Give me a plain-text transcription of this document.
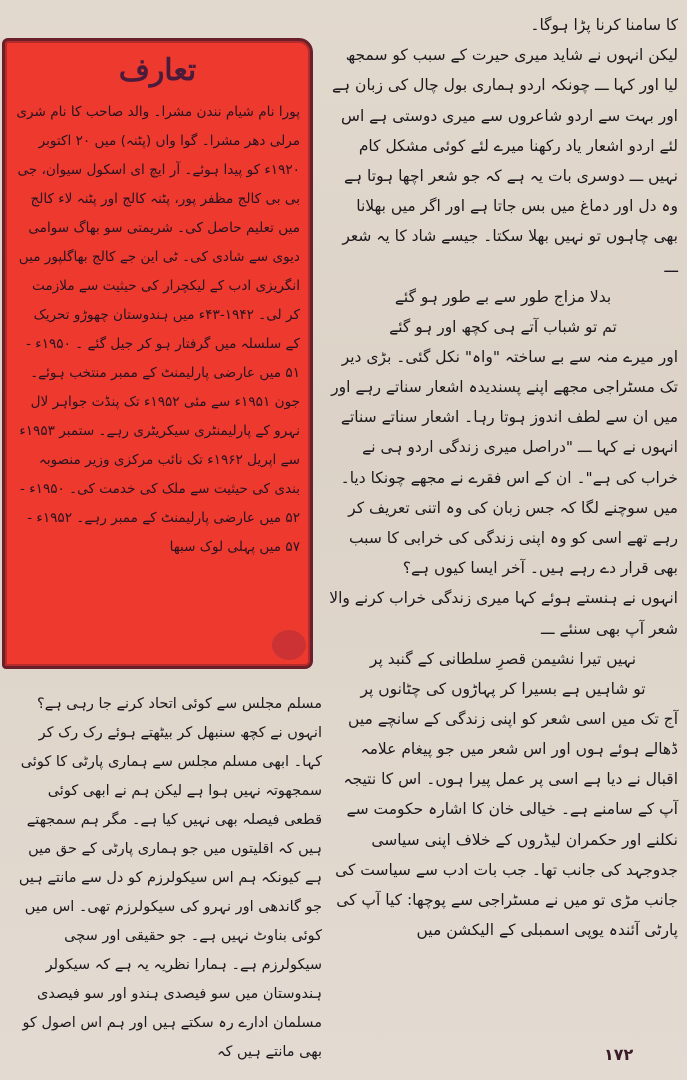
تعارف

پورا نام شیام نندن مشرا۔ والد صاحب کا نام شری مرلی دھر مشرا۔ گوا واں (پٹنہ) میں ۲۰ اکتوبر ۱۹۲۰ء کو پیدا ہوئے۔ آر ایچ ای اسکول سیوان، جی بی بی کالج مظفر پور، پٹنہ کالج اور پٹنہ لاء کالج میں تعلیم حاصل کی۔ شریمتی سو بھاگ سوامی دیوی سے شادی کی۔ ٹی این جے کالج بھاگلپور میں انگریزی ادب کے لیکچرار کی حیثیت سے ملازمت کر لی۔ ۱۹۴۲-۴۳ء میں ہندوستان چھوڑو تحریک کے سلسلہ میں گرفتار ہو کر جیل گئے ۔ ۱۹۵۰ء - ۵۱ میں عارضی پارلیمنٹ کے ممبر منتخب ہوئے۔ جون ۱۹۵۱ء سے مئی ۱۹۵۲ء تک پنڈت جواہر لال نہرو کے پارلیمنٹری سیکریٹری رہے۔ ستمبر ۱۹۵۳ء سے اپریل ۱۹۶۲ء تک نائب مرکزی وزیر منصوبہ بندی کی حیثیت سے ملک کی خدمت کی۔ ۱۹۵۰ء - ۵۲ میں عارضی پارلیمنٹ کے ممبر رہے۔ ۱۹۵۲ء - ۵۷ میں پہلی لوک سبھا

کا سامنا کرنا پڑا ہوگا۔

لیکن انہوں نے شاید میری حیرت کے سبب کو سمجھ لیا اور کہا ـــ چونکہ اردو ہماری بول چال کی زبان ہے اور بہت سے اردو شاعروں سے میری دوستی ہے اس لئے اردو اشعار یاد رکھنا میرے لئے کوئی مشکل کام نہیں ـــ دوسری بات یہ ہے کہ جو شعر اچھا ہوتا ہے وہ دل اور دماغ میں بس جاتا ہے اور اگر میں بھلانا بھی چاہوں تو نہیں بھلا سکتا۔ جیسے شاد کا یہ شعر ـــ

بدلا مزاج طور سے بے طور ہو گئے

تم تو شباب آتے ہی کچھ اور ہو گئے

اور میرے منہ سے بے ساختہ "واہ" نکل گئی۔ بڑی دیر تک مسٹراجی مجھے اپنے پسندیدہ اشعار سناتے رہے اور میں ان سے لطف اندوز ہوتا رہا۔ اشعار سناتے سناتے انہوں نے کہا ـــ "دراصل میری زندگی اردو ہی نے خراب کی ہے"۔ ان کے اس فقرے نے مجھے چونکا دیا۔ میں سوچنے لگا کہ جس زبان کی وہ اتنی تعریف کر رہے تھے اسی کو وہ اپنی زندگی کی خرابی کا سبب بھی قرار دے رہے ہیں۔ آخر ایسا کیوں ہے؟

انہوں نے ہنستے ہوئے کہا میری زندگی خراب کرنے والا شعر آپ بھی سنئے ـــ

نہیں تیرا نشیمن قصرِ سلطانی کے گنبد پر

تو شاہیں ہے بسیرا کر پہاڑوں کی چٹانوں پر

آج تک میں اسی شعر کو اپنی زندگی کے سانچے میں ڈھالے ہوئے ہوں اور اس شعر میں جو پیغام علامہ اقبال نے دیا ہے اسی پر عمل پیرا ہوں۔ اس کا نتیجہ آپ کے سامنے ہے۔ خیالی خان کا اشارہ حکومت سے نکلنے اور حکمران لیڈروں کے خلاف اپنی سیاسی جدوجہد کی جانب تھا۔ جب بات ادب سے سیاست کی جانب مڑی تو میں نے مسٹراجی سے پوچھا: کیا آپ کی پارٹی آئندہ یوپی اسمبلی کے الیکشن میں

مسلم مجلس سے کوئی اتحاد کرنے جا رہی ہے؟

انہوں نے کچھ سنبھل کر بیٹھتے ہوئے رک رک کر کہا۔ ابھی مسلم مجلس سے ہماری پارٹی کا کوئی سمجھوتہ نہیں ہوا ہے لیکن ہم نے ابھی کوئی قطعی فیصلہ بھی نہیں کیا ہے۔ مگر ہم سمجھتے ہیں کہ اقلیتوں میں جو ہماری پارٹی کے حق میں ہے کیونکہ ہم اس سیکولرزم کو دل سے مانتے ہیں جو گاندھی اور نہرو کی سیکولرزم تھی۔ اس میں کوئی بناوٹ نہیں ہے۔ جو حقیقی اور سچی سیکولرزم ہے۔ ہمارا نظریہ یہ ہے کہ سیکولر ہندوستان میں سو فیصدی ہندو اور سو فیصدی مسلمان ادارے رہ سکتے ہیں اور ہم اس اصول کو بھی مانتے ہیں کہ	۱۷۲
